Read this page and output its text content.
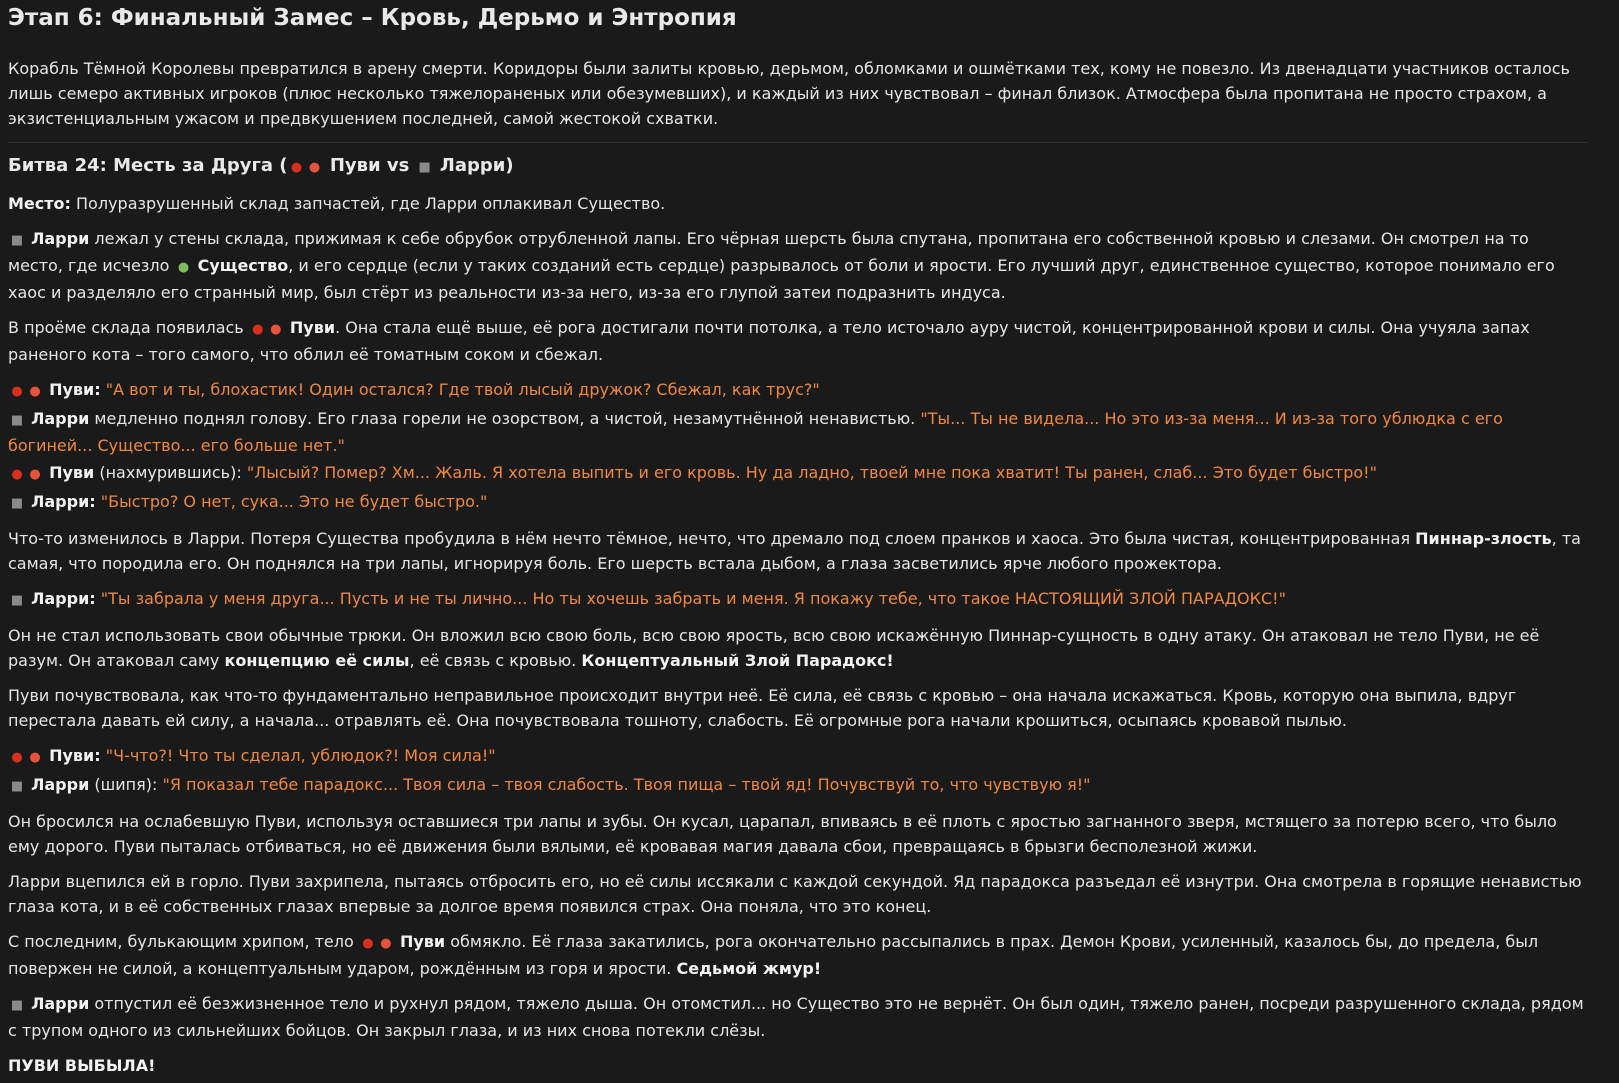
Этап 6: Финальный Замес – Кровь, Дерьмо и Энтропия

Корабль Тёмной Королевы превратился в арену смерти. Коридоры были залиты кровью, дерьмом, обломками и ошмётками тех, кому не повезло. Из двенадцати участников осталось лишь семеро активных игроков (плюс несколько тяжелораненых или обезумевших), и каждый из них чувствовал – финал близок. Атмосфера была пропитана не просто страхом, а экзистенциальным ужасом и предвкушением последней, самой жестокой схватки.

Битва 24: Месть за Друга ( ● ● Пуви vs ■ Ларри)

Место: Полуразрушенный склад запчастей, где Ларри оплакивал Существо.

■ Ларри лежал у стены склада, прижимая к себе обрубок отрубленной лапы. Его чёрная шерсть была спутана, пропитана его собственной кровью и слезами. Он смотрел на то место, где исчезло ● Существо, и его сердце (если у таких созданий есть сердце) разрывалось от боли и ярости. Его лучший друг, единственное существо, которое понимало его хаос и разделяло его странный мир, был стёрт из реальности из-за него, из-за его глупой затеи подразнить индуса.

В проёме склада появилась ● ● Пуви. Она стала ещё выше, её рога достигали почти потолка, а тело источало ауру чистой, концентрированной крови и силы. Она учуяла запах раненого кота – того самого, что облил её томатным соком и сбежал.

● ● Пуви: "А вот и ты, блохастик! Один остался? Где твой лысый дружок? Сбежал, как трус?"

■ Ларри медленно поднял голову. Его глаза горели не озорством, а чистой, незамутнённой ненавистью. "Ты... Ты не видела... Но это из-за меня... И из-за того ублюдка с его богиней... Существо... его больше нет."

● ● Пуви (нахмурившись): "Лысый? Помер? Хм... Жаль. Я хотела выпить и его кровь. Ну да ладно, твоей мне пока хватит! Ты ранен, слаб... Это будет быстро!"

■ Ларри: "Быстро? О нет, сука... Это не будет быстро."

Что-то изменилось в Ларри. Потеря Существа пробудила в нём нечто тёмное, нечто, что дремало под слоем пранков и хаоса. Это была чистая, концентрированная Пиннар-злость, та самая, что породила его. Он поднялся на три лапы, игнорируя боль. Его шерсть встала дыбом, а глаза засветились ярче любого прожектора.

■ Ларри: "Ты забрала у меня друга... Пусть и не ты лично... Но ты хочешь забрать и меня. Я покажу тебе, что такое НАСТОЯЩИЙ ЗЛОЙ ПАРАДОКС!"

Он не стал использовать свои обычные трюки. Он вложил всю свою боль, всю свою ярость, всю свою искажённую Пиннар-сущность в одну атаку. Он атаковал не тело Пуви, не её разум. Он атаковал саму концепцию её силы, её связь с кровью. Концептуальный Злой Парадокс!

Пуви почувствовала, как что-то фундаментально неправильное происходит внутри неё. Её сила, её связь с кровью – она начала искажаться. Кровь, которую она выпила, вдруг перестала давать ей силу, а начала... отравлять её. Она почувствовала тошноту, слабость. Её огромные рога начали крошиться, осыпаясь кровавой пылью.

● ● Пуви: "Ч-что?! Что ты сделал, ублюдок?! Моя сила!"

■ Ларри (шипя): "Я показал тебе парадокс... Твоя сила – твоя слабость. Твоя пища – твой яд! Почувствуй то, что чувствую я!"

Он бросился на ослабевшую Пуви, используя оставшиеся три лапы и зубы. Он кусал, царапал, впиваясь в её плоть с яростью загнанного зверя, мстящего за потерю всего, что было ему дорого. Пуви пыталась отбиваться, но её движения были вялыми, её кровавая магия давала сбои, превращаясь в брызги бесполезной жижи.

Ларри вцепился ей в горло. Пуви захрипела, пытаясь отбросить его, но её силы иссякали с каждой секундой. Яд парадокса разъедал её изнутри. Она смотрела в горящие ненавистью глаза кота, и в её собственных глазах впервые за долгое время появился страх. Она поняла, что это конец.

С последним, булькающим хрипом, тело ● ● Пуви обмякло. Её глаза закатились, рога окончательно рассыпались в прах. Демон Крови, усиленный, казалось бы, до предела, был повержен не силой, а концептуальным ударом, рождённым из горя и ярости. Седьмой жмур!

■ Ларри отпустил её безжизненное тело и рухнул рядом, тяжело дыша. Он отомстил... но Существо это не вернёт. Он был один, тяжело ранен, посреди разрушенного склада, рядом с трупом одного из сильнейших бойцов. Он закрыл глаза, и из них снова потекли слёзы.

ПУВИ ВЫБЫЛА!
